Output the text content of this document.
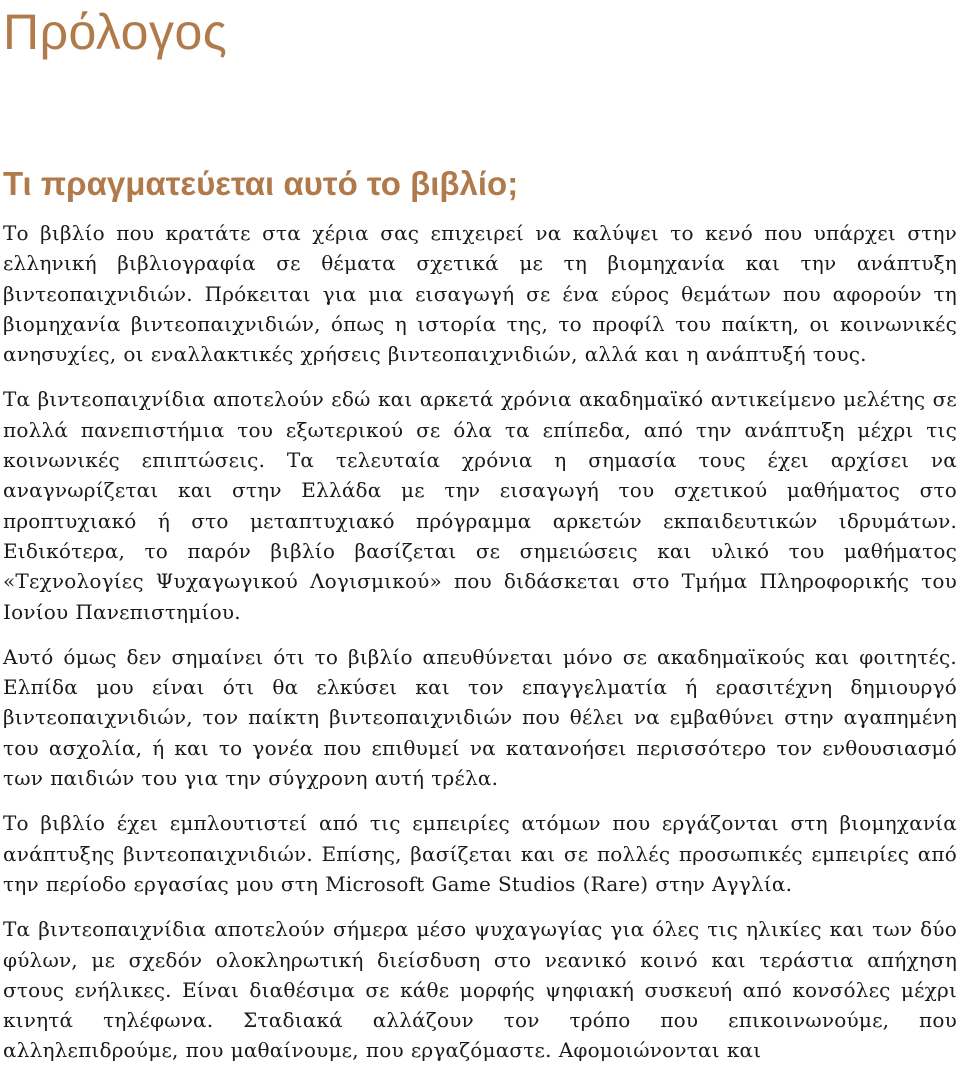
Πρόλογος
Τι πραγματεύεται αυτό το βιβλίο;

Το βιβλίο που κρατάτε στα χέρια σας επιχειρεί να καλύψει το κενό που υπάρχει στην ελληνική βιβλιογραφία σε θέματα σχετικά με τη βιομηχανία και την ανάπτυξη βιντεοπαιχνιδιών. Πρόκειται για μια εισαγωγή σε ένα εύρος θεμάτων που αφορούν τη βιομηχανία βιντεοπαιχνιδιών, όπως η ιστορία της, το προφίλ του παίκτη, οι κοινωνικές ανησυχίες, οι εναλλακτικές χρήσεις βιντεοπαιχνιδιών, αλλά και η ανάπτυξή τους.

Τα βιντεοπαιχνίδια αποτελούν εδώ και αρκετά χρόνια ακαδημαϊκό αντικείμενο μελέτης σε πολλά πανεπιστήμια του εξωτερικού σε όλα τα επίπεδα, από την ανάπτυξη μέχρι τις κοινωνικές επιπτώσεις. Τα τελευταία χρόνια η σημασία τους έχει αρχίσει να αναγνωρίζεται και στην Ελλάδα με την εισαγωγή του σχετικού μαθήματος στο προπτυχιακό ή στο μεταπτυχιακό πρόγραμμα αρκετών εκπαιδευτικών ιδρυμάτων. Ειδικότερα, το παρόν βιβλίο βασίζεται σε σημειώσεις και υλικό του μαθήματος «Τεχνολογίες Ψυχαγωγικού Λογισμικού» που διδάσκεται στο Τμήμα Πληροφορικής του Ιονίου Πανεπιστημίου.

Αυτό όμως δεν σημαίνει ότι το βιβλίο απευθύνεται μόνο σε ακαδημαϊκούς και φοιτητές. Ελπίδα μου είναι ότι θα ελκύσει και τον επαγγελματία ή ερασιτέχνη δημιουργό βιντεοπαιχνιδιών, τον παίκτη βιντεοπαιχνιδιών που θέλει να εμβαθύνει στην αγαπημένη του ασχολία, ή και το γονέα που επιθυμεί να κατανοήσει περισσότερο τον ενθουσιασμό των παιδιών του για την σύγχρονη αυτή τρέλα.

Το βιβλίο έχει εμπλουτιστεί από τις εμπειρίες ατόμων που εργάζονται στη βιομηχανία ανάπτυξης βιντεοπαιχνιδιών. Επίσης, βασίζεται και σε πολλές προσωπικές εμπειρίες από την περίοδο εργασίας μου στη Microsoft Game Studios (Rare) στην Αγγλία.

Τα βιντεοπαιχνίδια αποτελούν σήμερα μέσο ψυχαγωγίας για όλες τις ηλικίες και των δύο φύλων, με σχεδόν ολοκληρωτική διείσδυση στο νεανικό κοινό και τεράστια απήχηση στους ενήλικες. Είναι διαθέσιμα σε κάθε μορφής ψηφιακή συσκευή από κονσόλες μέχρι κινητά τηλέφωνα. Σταδιακά αλλάζουν τον τρόπο που επικοινωνούμε, που αλληλεπιδρούμε, που μαθαίνουμε, που εργαζόμαστε. Αφομοιώνονται και
